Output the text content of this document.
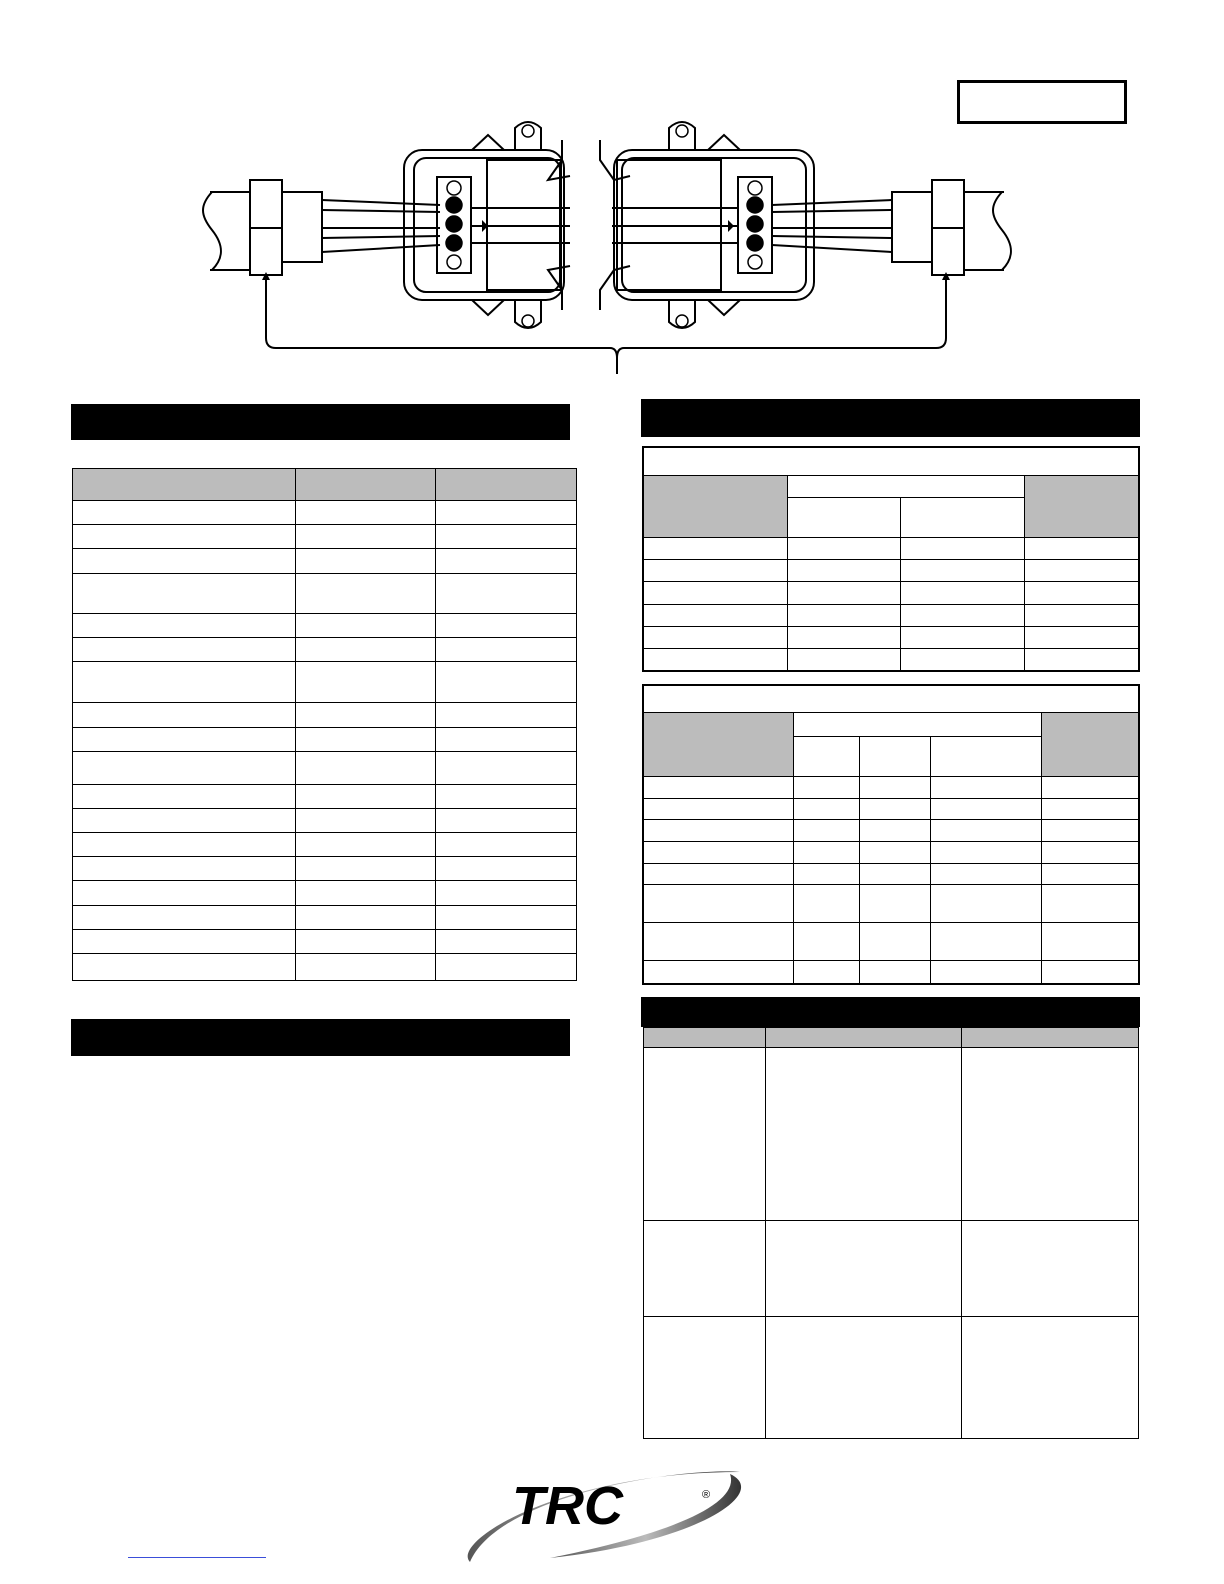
TRC	®
